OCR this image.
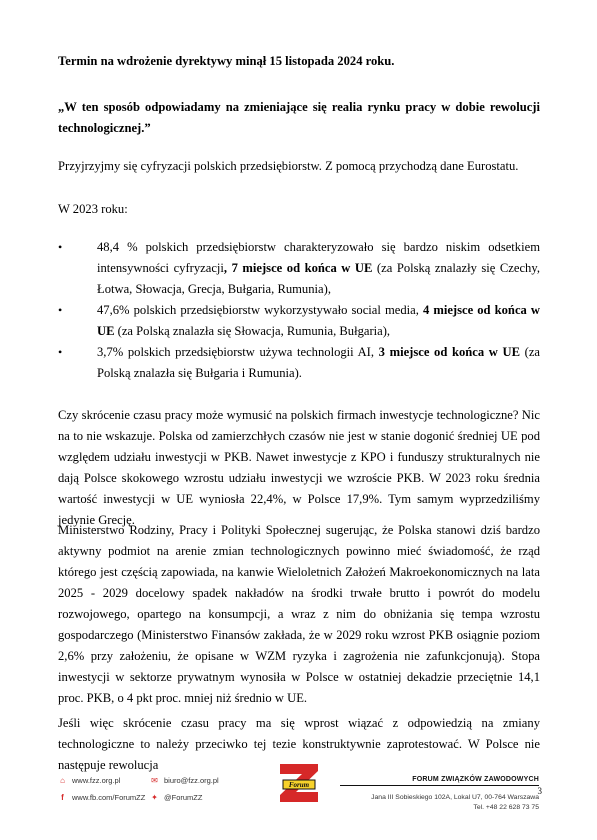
Termin na wdrożenie dyrektywy minął 15 listopada 2024 roku.

„W ten sposób odpowiadamy na zmieniające się realia rynku pracy w dobie rewolucji technologicznej.”

Przyjrzyjmy się cyfryzacji polskich przedsiębiorstw. Z pomocą przychodzą dane Eurostatu.

W 2023 roku:

•	48,4 % polskich przedsiębiorstw charakteryzowało się bardzo niskim odsetkiem intensywności cyfryzacji, 7 miejsce od końca w UE (za Polską znalazły się Czechy, Łotwa, Słowacja, Grecja, Bułgaria, Rumunia),
•	47,6% polskich przedsiębiorstw wykorzystywało social media, 4 miejsce od końca w UE (za Polską znalazła się Słowacja, Rumunia, Bułgaria),
•	3,7% polskich przedsiębiorstw używa technologii AI, 3 miejsce od końca w UE (za Polską znalazła się Bułgaria i Rumunia).

Czy skrócenie czasu pracy może wymusić na polskich firmach inwestycje technologiczne? Nic na to nie wskazuje. Polska od zamierzchłych czasów nie jest w stanie dogonić średniej UE pod względem udziału inwestycji w PKB. Nawet inwestycje z KPO i funduszy strukturalnych nie dają Polsce skokowego wzrostu udziału inwestycji we wzroście PKB. W 2023 roku średnia wartość inwestycji w UE wyniosła 22,4%, w Polsce 17,9%. Tym samym wyprzedziliśmy jedynie Grecję.

Ministerstwo Rodziny, Pracy i Polityki Społecznej sugerując, że Polska stanowi dziś bardzo aktywny podmiot na arenie zmian technologicznych powinno mieć świadomość, że rząd którego jest częścią zapowiada, na kanwie Wieloletnich Założeń Makroekonomicznych na lata 2025 - 2029 docelowy spadek nakładów na środki trwałe brutto i powrót do modelu rozwojowego, opartego na konsumpcji, a wraz z nim do obniżania się tempa wzrostu gospodarczego (Ministerstwo Finansów zakłada, że w 2029 roku wzrost PKB osiągnie poziom 2,6% przy założeniu, że opisane w WZM ryzyka i zagrożenia nie zafunkcjonują). Stopa inwestycji w sektorze prywatnym wynosiła w Polsce w ostatniej dekadzie przeciętnie 14,1 proc. PKB, o 4 pkt proc. mniej niż średnio w UE.

Jeśli więc skrócenie czasu pracy ma się wprost wiązać z odpowiedzią na zmiany technologiczne to należy przeciwko tej tezie konstruktywnie zaprotestować. W Polsce nie następuje rewolucja

⌂ www.fzz.org.pl	✉ biuro@fzz.org.pl
f	www.fb.com/ForumZZ ✦ @ForumZZ
Forum
FORUM ZWIĄZKÓW ZAWODOWYCH
3
Jana III Sobieskiego 102A, Lokal U7, 00-764 Warszawa
Tel. +48 22 628 73 75
